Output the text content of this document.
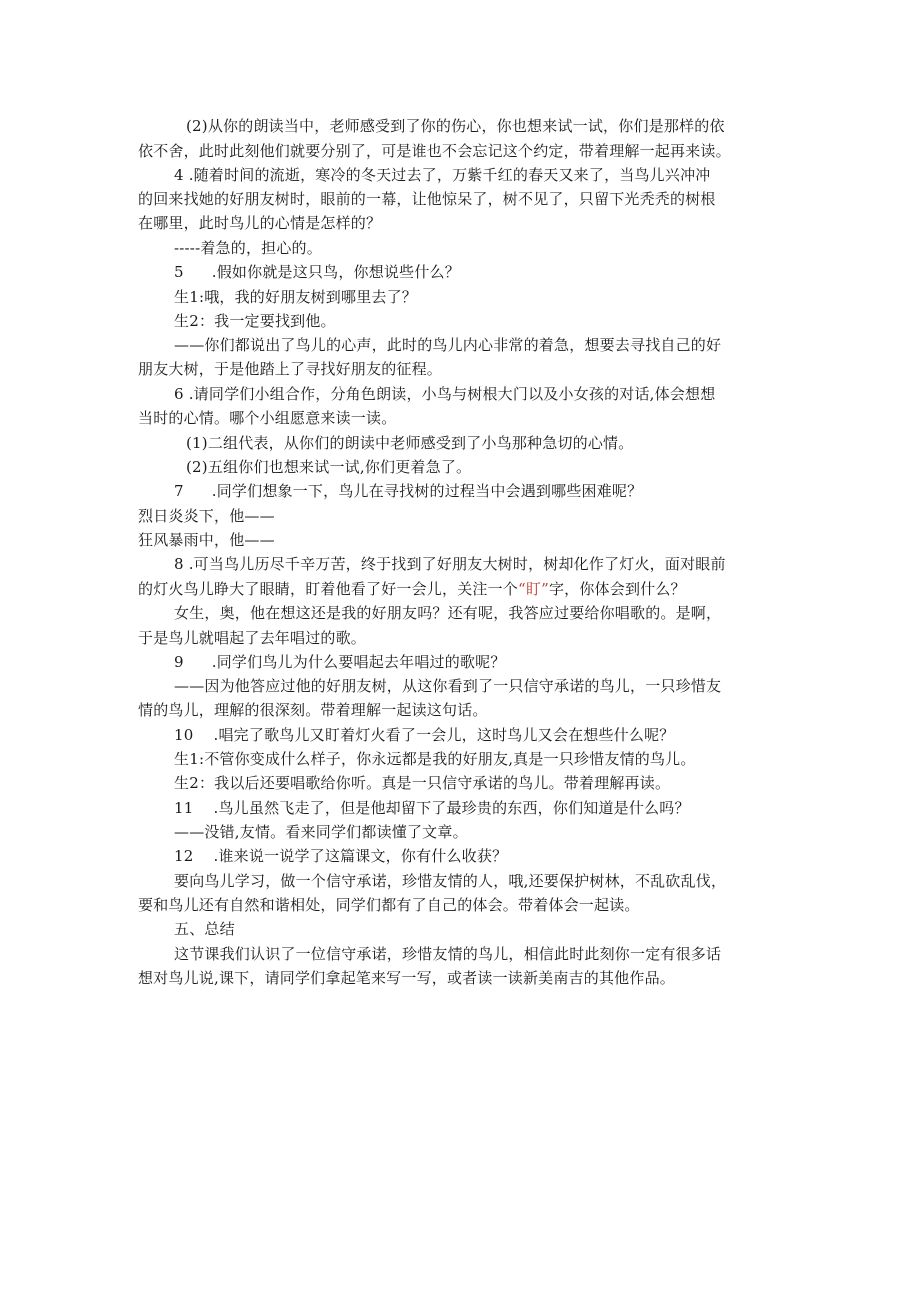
(2)从你的朗读当中，老师感受到了你的伤心，你也想来试一试，你们是那样的依
依不舍，此时此刻他们就要分别了，可是谁也不会忘记这个约定，带着理解一起再来读。
4 .随着时间的流逝，寒冷的冬天过去了，万紫千红的春天又来了，当鸟儿兴冲冲
的回来找她的好朋友树时，眼前的一幕，让他惊呆了，树不见了，只留下光秃秃的树根
在哪里，此时鸟儿的心情是怎样的？
-----着急的，担心的。
5 .假如你就是这只鸟，你想说些什么？
生1:哦，我的好朋友树到哪里去了？
生2：我一定要找到他。
——你们都说出了鸟儿的心声，此时的鸟儿内心非常的着急，想要去寻找自己的好
朋友大树，于是他踏上了寻找好朋友的征程。
6 .请同学们小组合作，分角色朗读，小鸟与树根大门以及小女孩的对话,体会想想
当时的心情。哪个小组愿意来读一读。
(1)二组代表，从你们的朗读中老师感受到了小鸟那种急切的心情。
(2)五组你们也想来试一试,你们更着急了。
7 .同学们想象一下，鸟儿在寻找树的过程当中会遇到哪些困难呢？
烈日炎炎下，他——
狂风暴雨中，他——
8 .可当鸟儿历尽千辛万苦，终于找到了好朋友大树时，树却化作了灯火，面对眼前
的灯火鸟儿睁大了眼睛，盯着他看了好一会儿，关注一个“盯”字，你体会到什么？
女生，奥，他在想这还是我的好朋友吗？还有呢，我答应过要给你唱歌的。是啊，
于是鸟儿就唱起了去年唱过的歌。
9 .同学们鸟儿为什么要唱起去年唱过的歌呢？
——因为他答应过他的好朋友树，从这你看到了一只信守承诺的鸟儿，一只珍惜友
情的鸟儿，理解的很深刻。带着理解一起读这句话。
10 .唱完了歌鸟儿又盯着灯火看了一会儿，这时鸟儿又会在想些什么呢？
生1:不管你变成什么样子，你永远都是我的好朋友,真是一只珍惜友情的鸟儿。
生2：我以后还要唱歌给你听。真是一只信守承诺的鸟儿。带着理解再读。
11 .鸟儿虽然飞走了，但是他却留下了最珍贵的东西，你们知道是什么吗？
——没错,友情。看来同学们都读懂了文章。
12 .谁来说一说学了这篇课文，你有什么收获？
要向鸟儿学习，做一个信守承诺，珍惜友情的人，哦,还要保护树林，不乱砍乱伐，
要和鸟儿还有自然和谐相处，同学们都有了自己的体会。带着体会一起读。
五、总结
这节课我们认识了一位信守承诺，珍惜友情的鸟儿，相信此时此刻你一定有很多话
想对鸟儿说,课下，请同学们拿起笔来写一写，或者读一读新美南吉的其他作品。
